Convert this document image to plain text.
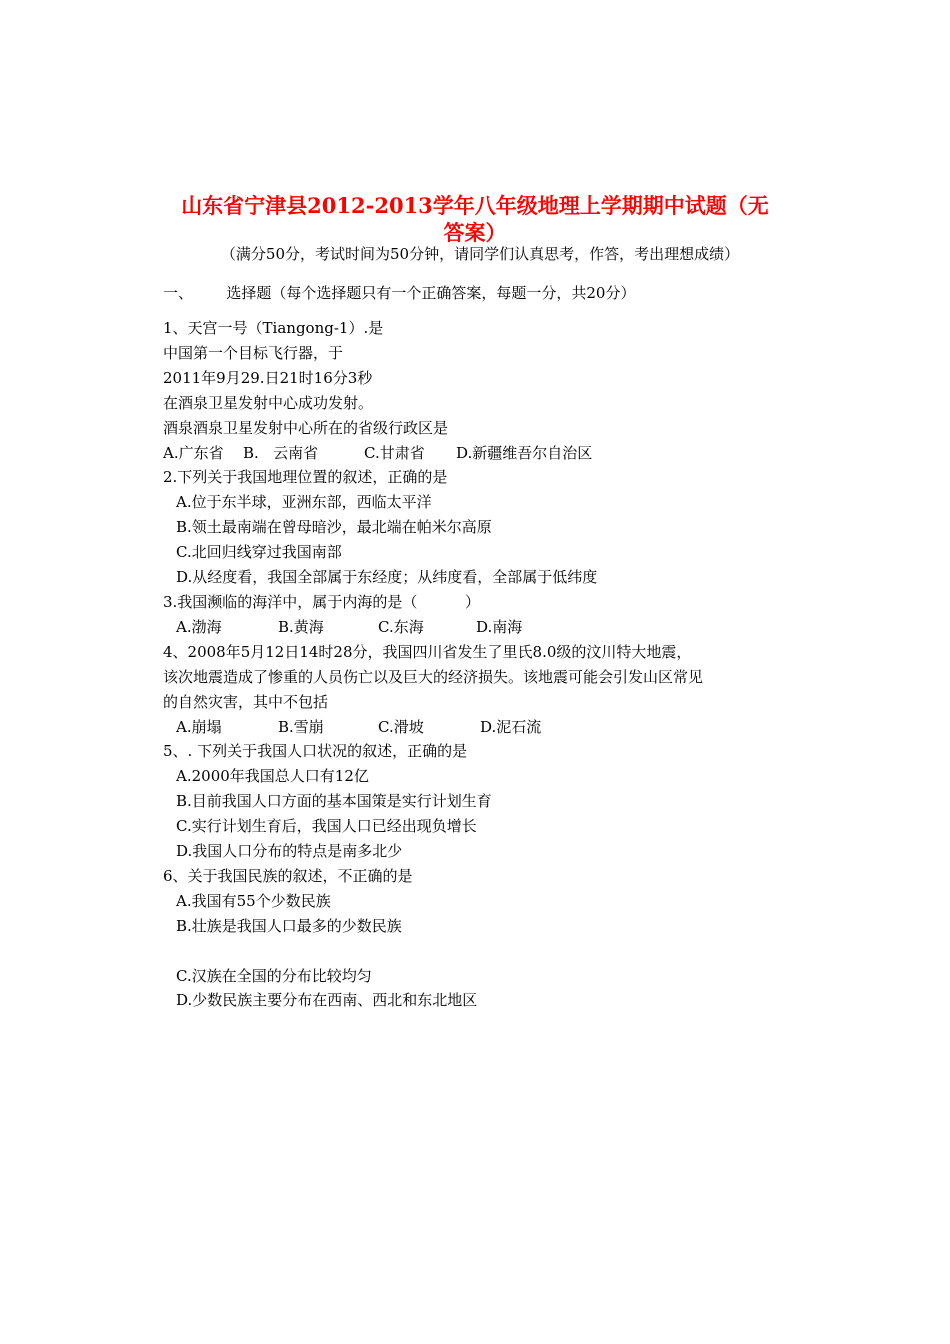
山东省宁津县2012-2013学年八年级地理上学期期中试题（无
答案）
（满分50分，考试时间为50分钟，请同学们认真思考，作答，考出理想成绩）
一、       选择题（每个选择题只有一个正确答案，每题一分，共20分）
1、天宫一号（Tiangong-1）.是
中国第一个目标飞行器，于
2011年9月29.日21时16分3秒
在酒泉卫星发射中心成功发射。
酒泉酒泉卫星发射中心所在的省级行政区是
A.广东省	B.   云南省	C.甘肃省	D.新疆维吾尔自治区
2.下列关于我国地理位置的叙述，正确的是
A.位于东半球，亚洲东部，西临太平洋
B.领土最南端在曾母暗沙，最北端在帕米尔高原
C.北回归线穿过我国南部
D.从经度看，我国全部属于东经度；从纬度看，全部属于低纬度
3.我国濒临的海洋中，属于内海的是（          ）
A.渤海	B.黄海	C.东海	D.南海
4、2008年5月12日14时28分，我国四川省发生了里氏8.0级的汶川特大地震，
该次地震造成了惨重的人员伤亡以及巨大的经济损失。该地震可能会引发山区常见
的自然灾害，其中不包括
A.崩塌	B.雪崩	C.滑坡	D.泥石流
5、. 下列关于我国人口状况的叙述，正确的是
A.2000年我国总人口有12亿
B.目前我国人口方面的基本国策是实行计划生育
C.实行计划生育后，我国人口已经出现负增长
D.我国人口分布的特点是南多北少
6、关于我国民族的叙述，不正确的是
A.我国有55个少数民族
B.壮族是我国人口最多的少数民族
C.汉族在全国的分布比较均匀
D.少数民族主要分布在西南、西北和东北地区
